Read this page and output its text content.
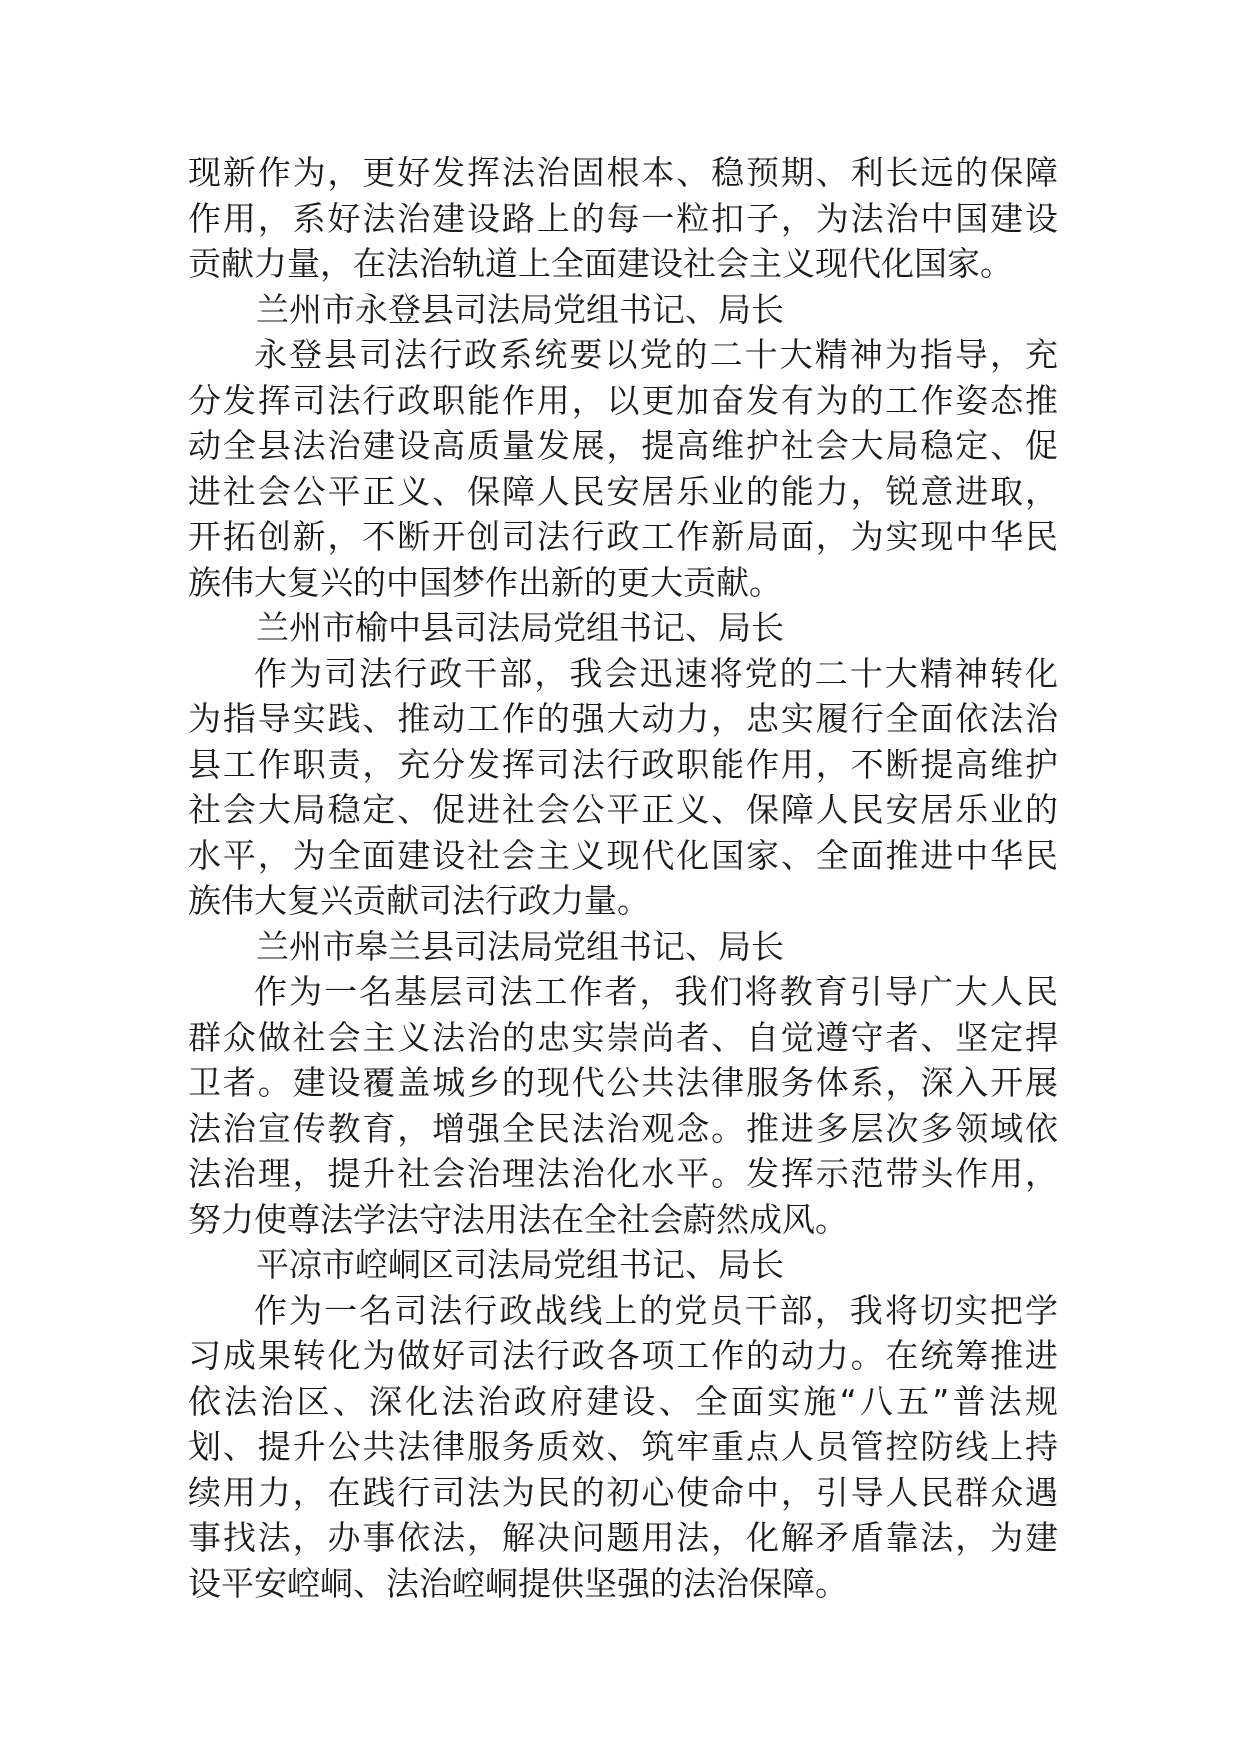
现新作为，更好发挥法治固根本、稳预期、利长远的保障
作用，系好法治建设路上的每一粒扣子，为法治中国建设
贡献力量，在法治轨道上全面建设社会主义现代化国家。
兰州市永登县司法局党组书记、局长
永登县司法行政系统要以党的二十大精神为指导，充
分发挥司法行政职能作用，以更加奋发有为的工作姿态推
动全县法治建设高质量发展，提高维护社会大局稳定、促
进社会公平正义、保障人民安居乐业的能力，锐意进取，
开拓创新，不断开创司法行政工作新局面，为实现中华民
族伟大复兴的中国梦作出新的更大贡献。
兰州市榆中县司法局党组书记、局长
作为司法行政干部，我会迅速将党的二十大精神转化
为指导实践、推动工作的强大动力，忠实履行全面依法治
县工作职责，充分发挥司法行政职能作用，不断提高维护
社会大局稳定、促进社会公平正义、保障人民安居乐业的
水平，为全面建设社会主义现代化国家、全面推进中华民
族伟大复兴贡献司法行政力量。
兰州市皋兰县司法局党组书记、局长
作为一名基层司法工作者，我们将教育引导广大人民
群众做社会主义法治的忠实崇尚者、自觉遵守者、坚定捍
卫者。建设覆盖城乡的现代公共法律服务体系，深入开展
法治宣传教育，增强全民法治观念。推进多层次多领域依
法治理，提升社会治理法治化水平。发挥示范带头作用，
努力使尊法学法守法用法在全社会蔚然成风。
平凉市崆峒区司法局党组书记、局长
作为一名司法行政战线上的党员干部，我将切实把学
习成果转化为做好司法行政各项工作的动力。在统筹推进
依法治区、深化法治政府建设、全面实施“八五”普法规
划、提升公共法律服务质效、筑牢重点人员管控防线上持
续用力，在践行司法为民的初心使命中，引导人民群众遇
事找法，办事依法，解决问题用法，化解矛盾靠法，为建
设平安崆峒、法治崆峒提供坚强的法治保障。
